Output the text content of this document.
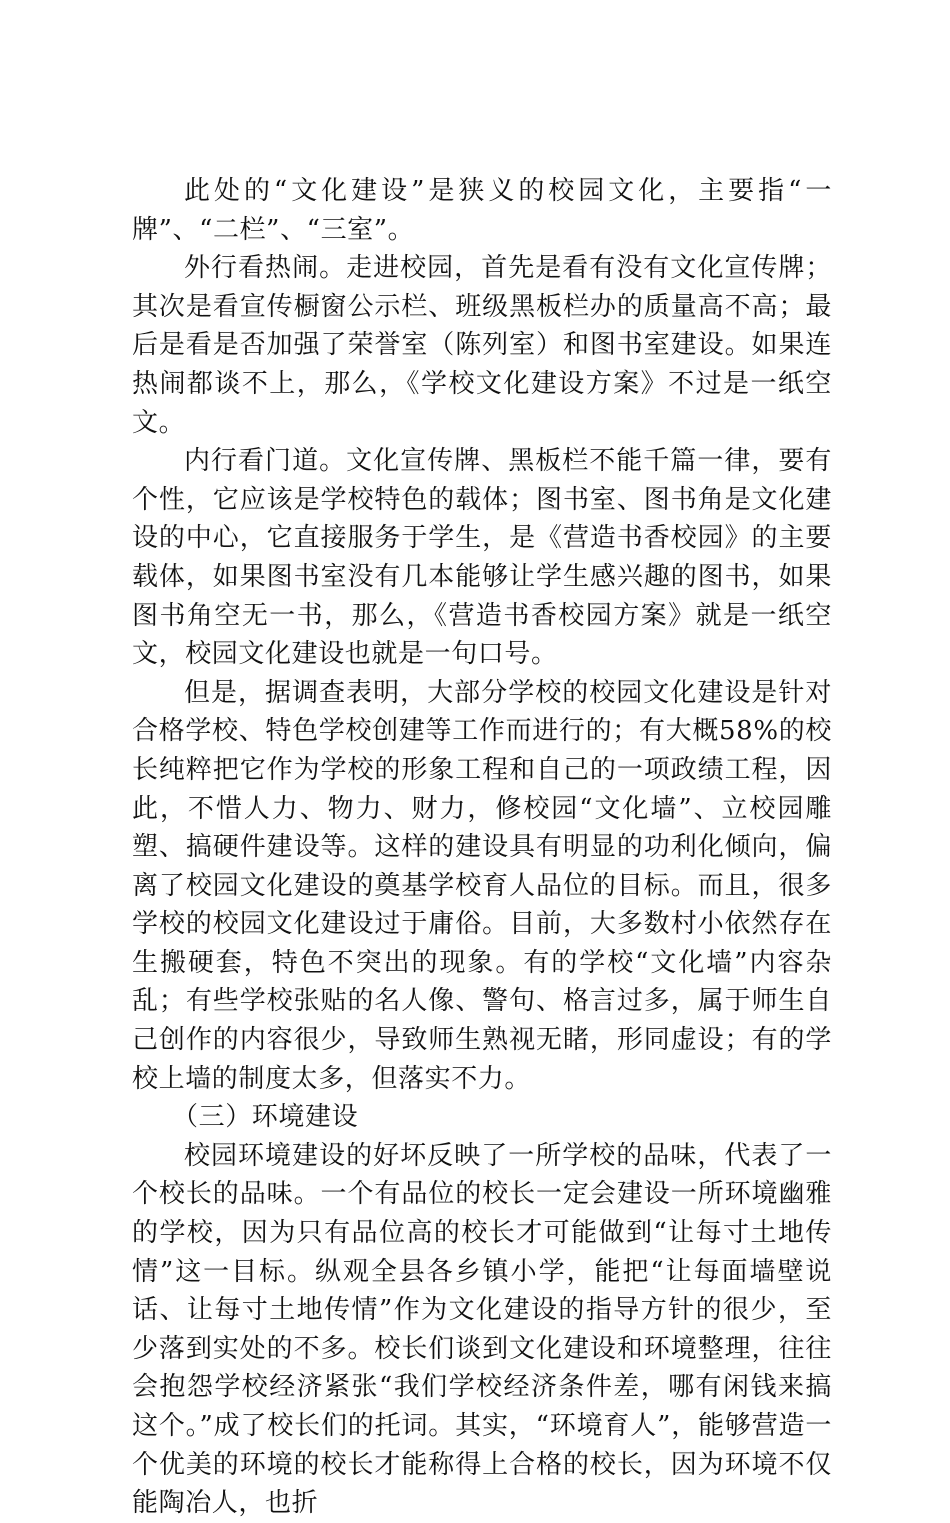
此处的“文化建设”是狭义的校园文化，主要指“一牌”、“二栏”、“三室”。

外行看热闹。走进校园，首先是看有没有文化宣传牌；其次是看宣传橱窗公示栏、班级黑板栏办的质量高不高；最后是看是否加强了荣誉室（陈列室）和图书室建设。如果连热闹都谈不上，那么，《学校文化建设方案》不过是一纸空文。

内行看门道。文化宣传牌、黑板栏不能千篇一律，要有个性，它应该是学校特色的载体；图书室、图书角是文化建设的中心，它直接服务于学生，是《营造书香校园》的主要载体，如果图书室没有几本能够让学生感兴趣的图书，如果图书角空无一书，那么，《营造书香校园方案》就是一纸空文，校园文化建设也就是一句口号。

但是，据调查表明，大部分学校的校园文化建设是针对合格学校、特色学校创建等工作而进行的；有大概58%的校长纯粹把它作为学校的形象工程和自己的一项政绩工程，因此，不惜人力、物力、财力，修校园“文化墙”、立校园雕塑、搞硬件建设等。这样的建设具有明显的功利化倾向，偏离了校园文化建设的奠基学校育人品位的目标。而且，很多学校的校园文化建设过于庸俗。目前，大多数村小依然存在生搬硬套，特色不突出的现象。有的学校“文化墙”内容杂乱；有些学校张贴的名人像、警句、格言过多，属于师生自己创作的内容很少，导致师生熟视无睹，形同虚设；有的学校上墙的制度太多，但落实不力。

（三）环境建设

校园环境建设的好坏反映了一所学校的品味，代表了一个校长的品味。一个有品位的校长一定会建设一所环境幽雅的学校，因为只有品位高的校长才可能做到“让每寸土地传情”这一目标。纵观全县各乡镇小学，能把“让每面墙壁说话、让每寸土地传情”作为文化建设的指导方针的很少，至少落到实处的不多。校长们谈到文化建设和环境整理，往往会抱怨学校经济紧张“我们学校经济条件差，哪有闲钱来搞这个。”成了校长们的托词。其实，“环境育人”，能够营造一个优美的环境的校长才能称得上合格的校长，因为环境不仅能陶冶人，也折
